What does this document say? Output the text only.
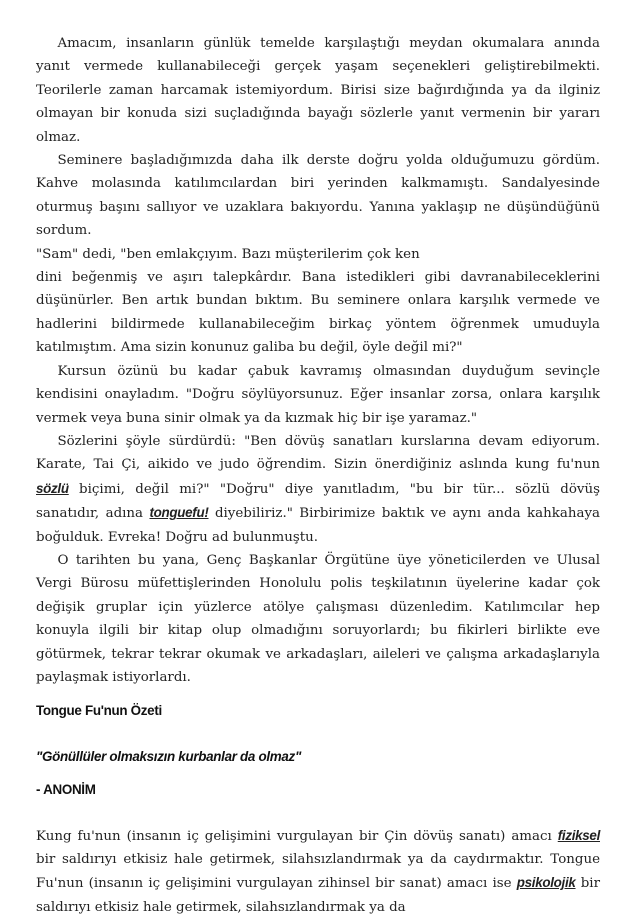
Amacım, insanların günlük temelde karşılaştığı meydan okumalara anında yanıt vermede kullanabileceği gerçek yaşam seçenekleri geliştirebilmekti. Teorilerle zaman harcamak istemiyordum. Birisi size bağırdığında ya da ilginiz olmayan bir konuda sizi suçladığında bayağı sözlerle yanıt vermenin bir yararı olmaz.

Seminere başladığımızda daha ilk derste doğru yolda olduğumuzu gördüm. Kahve molasında katılımcılardan biri yerinden kalkmamıştı. Sandalyesinde oturmuş başını sallıyor ve uzaklara bakıyordu. Yanına yaklaşıp ne düşündüğünü sordum.

"Sam" dedi, "ben emlakçıyım. Bazı müşterilerim çok ken

dini beğenmiş ve aşırı talepkârdır. Bana istedikleri gibi davranabileceklerini düşünürler. Ben artık bundan bıktım. Bu seminere onlara karşılık vermede ve hadlerini bildirmede kullanabileceğim birkaç yöntem öğrenmek umuduyla katılmıştım. Ama sizin konunuz galiba bu değil, öyle değil mi?"

Kursun özünü bu kadar çabuk kavramış olmasından duyduğum sevinçle kendisini onayladım. "Doğru söylüyorsunuz. Eğer insanlar zorsa, onlara karşılık vermek veya buna sinir olmak ya da kızmak hiç bir işe yaramaz."

Sözlerini şöyle sürdürdü: "Ben dövüş sanatları kurslarına devam ediyorum. Karate, Tai Çi, aikido ve judo öğrendim. Sizin önerdiğiniz aslında kung fu'nun sözlü biçimi, değil mi?" "Doğru" diye yanıtladım, "bu bir tür... sözlü dövüş sanatıdır, adına tonguefu! diyebiliriz." Birbirimize baktık ve aynı anda kahkahaya boğulduk. Evreka! Doğru ad bulunmuştu.

O tarihten bu yana, Genç Başkanlar Örgütüne üye yöneticilerden ve Ulusal Vergi Bürosu müfettişlerinden Honolulu polis teşkilatının üyelerine kadar çok değişik gruplar için yüzlerce atölye çalışması düzenledim. Katılımcılar hep konuyla ilgili bir kitap olup olmadığını soruyorlardı; bu fikirleri birlikte eve götürmek, tekrar tekrar okumak ve arkadaşları, aileleri ve çalışma arkadaşlarıyla paylaşmak istiyorlardı.

Tongue Fu'nun Özeti

"Gönüllüler olmaksızın kurbanlar da olmaz"

- ANONİM

Kung fu'nun (insanın iç gelişimini vurgulayan bir Çin dövüş sanatı) amacı fiziksel bir saldırıyı etkisiz hale getirmek, silahsızlandırmak ya da caydırmaktır. Tongue Fu'nun (insanın iç gelişimini vurgulayan zihinsel bir sanat) amacı ise psikolojik bir saldırıyı etkisiz hale getirmek, silahsızlandırmak ya da
